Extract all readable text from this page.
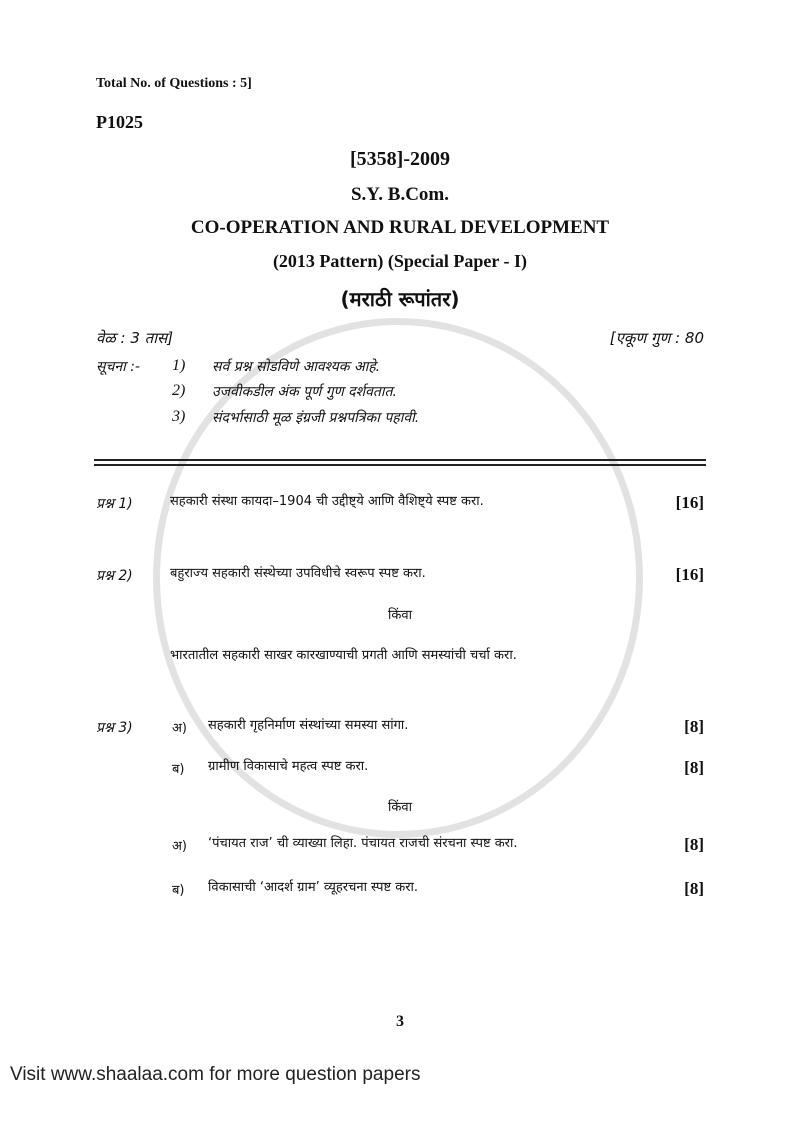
Total No. of Questions : 5]
P1025
[5358]-2009
S.Y. B.Com.
CO-OPERATION AND RURAL DEVELOPMENT
(2013 Pattern) (Special Paper - I)
(मराठी रूपांतर)
वेळ : 3 तास]	[एकूण गुण : 80
सूचना :- 1) सर्व प्रश्न सोडविणे आवश्यक आहे.
2) उजवीकडील अंक पूर्ण गुण दर्शवतात.
3) संदर्भासाठी मूळ इंग्रजी प्रश्नपत्रिका पहावी.
प्रश्न 1)	सहकारी संस्था कायदा–1904 ची उद्दीष्ट्ये आणि वैशिष्ट्ये स्पष्ट करा.	[16]
प्रश्न 2)	बहुराज्य सहकारी संस्थेच्या उपविधीचे स्वरूप स्पष्ट करा.	[16]
किंवा
भारतातील सहकारी साखर कारखाण्याची प्रगती आणि समस्यांची चर्चा करा.
प्रश्न 3)	अ) सहकारी गृहनिर्माण संस्थांच्या समस्या सांगा.	[8]
ब) ग्रामीण विकासाचे महत्व स्पष्ट करा.	[8]
किंवा
अ) ‘पंचायत राज’ ची व्याख्या लिहा. पंचायत राजची संरचना स्पष्ट करा.	[8]
ब) विकासाची ‘आदर्श ग्राम’ व्यूहरचना स्पष्ट करा.	[8]
3
Visit www.shaalaa.com for more question papers
